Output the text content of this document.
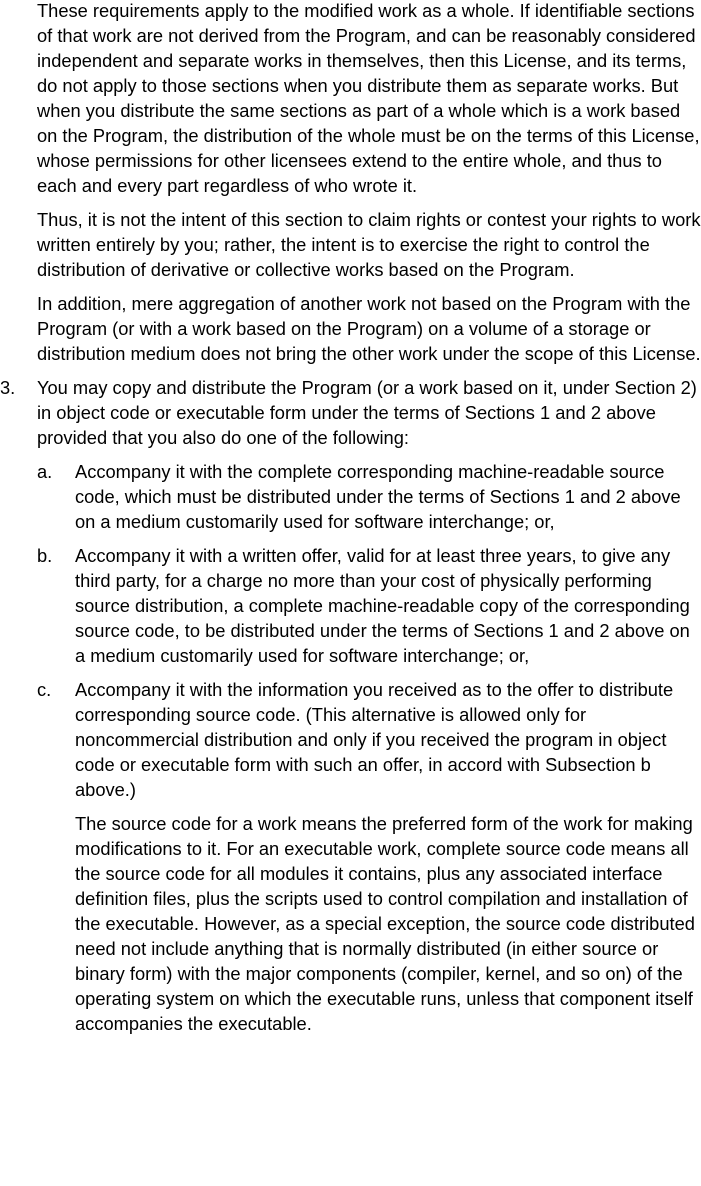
These requirements apply to the modified work as a whole. If identifiable sections of that work are not derived from the Program, and can be reasonably considered independent and separate works in themselves, then this License, and its terms, do not apply to those sections when you distribute them as separate works. But when you distribute the same sections as part of a whole which is a work based on the Program, the distribution of the whole must be on the terms of this License, whose permissions for other licensees extend to the entire whole, and thus to each and every part regardless of who wrote it.

Thus, it is not the intent of this section to claim rights or contest your rights to work written entirely by you; rather, the intent is to exercise the right to control the distribution of derivative or collective works based on the Program.

In addition, mere aggregation of another work not based on the Program with the Program (or with a work based on the Program) on a volume of a storage or distribution medium does not bring the other work under the scope of this License.

3. You may copy and distribute the Program (or a work based on it, under Section 2) in object code or executable form under the terms of Sections 1 and 2 above provided that you also do one of the following:

a. Accompany it with the complete corresponding machine-readable source code, which must be distributed under the terms of Sections 1 and 2 above on a medium customarily used for software interchange; or,

b. Accompany it with a written offer, valid for at least three years, to give any third party, for a charge no more than your cost of physically performing source distribution, a complete machine-readable copy of the corresponding source code, to be distributed under the terms of Sections 1 and 2 above on a medium customarily used for software interchange; or,

c. Accompany it with the information you received as to the offer to distribute corresponding source code. (This alternative is allowed only for noncommercial distribution and only if you received the program in object code or executable form with such an offer, in accord with Subsection b above.)

The source code for a work means the preferred form of the work for making modifications to it. For an executable work, complete source code means all the source code for all modules it contains, plus any associated interface definition files, plus the scripts used to control compilation and installation of the executable. However, as a special exception, the source code distributed need not include anything that is normally distributed (in either source or binary form) with the major components (compiler, kernel, and so on) of the operating system on which the executable runs, unless that component itself accompanies the executable.
